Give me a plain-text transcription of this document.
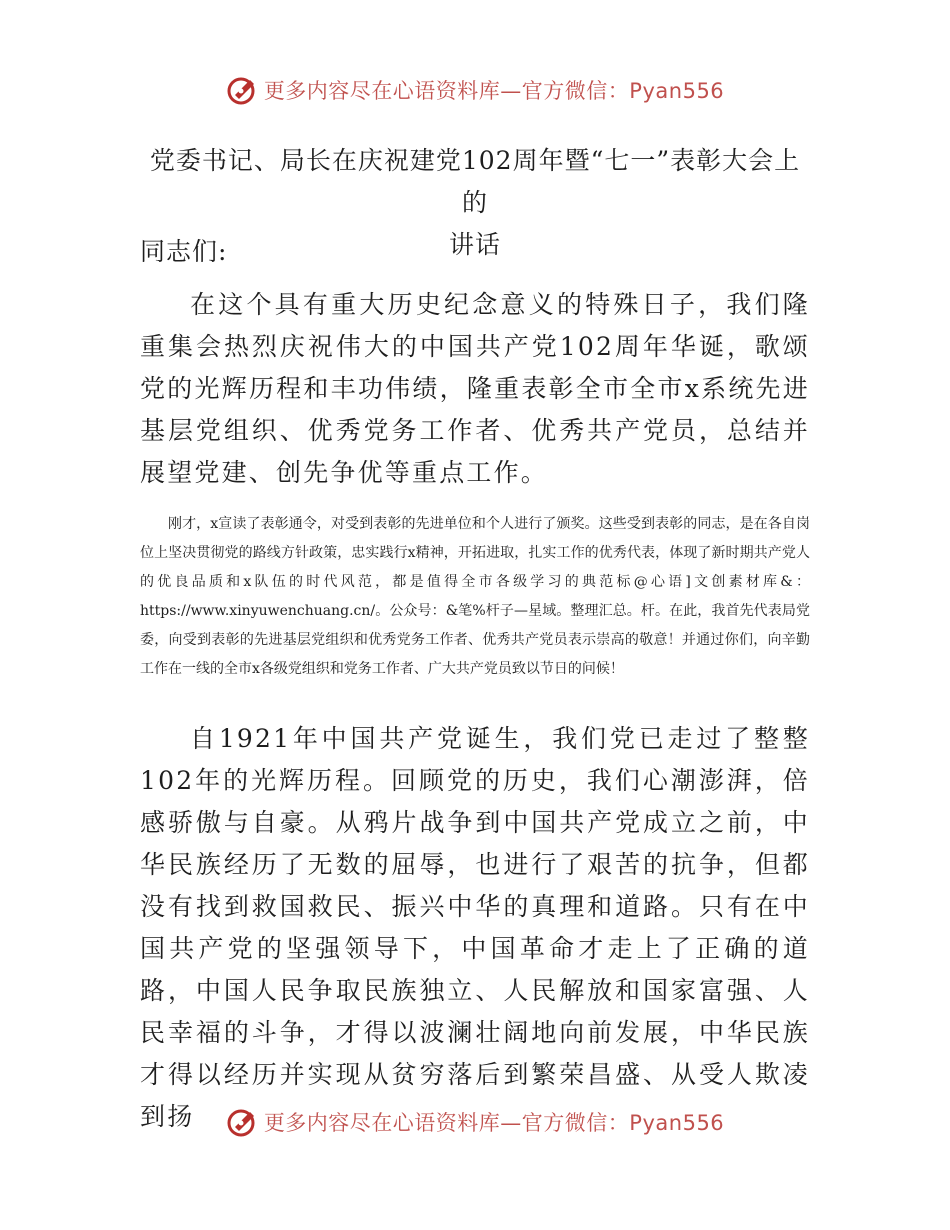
更多内容尽在心语资料库—官方微信：Pyan556
党委书记、局长在庆祝建党102周年暨“七一”表彰大会上的
讲话

同志们:

在这个具有重大历史纪念意义的特殊日子，我们隆重集会热烈庆祝伟大的中国共产党102周年华诞，歌颂党的光辉历程和丰功伟绩，隆重表彰全市全市x系统先进基层党组织、优秀党务工作者、优秀共产党员，总结并展望党建、创先争优等重点工作。

刚才，x宣读了表彰通令，对受到表彰的先进单位和个人进行了颁奖。这些受到表彰的同志，是在各自岗位上坚决贯彻党的路线方针政策，忠实践行x精神，开拓进取，扎实工作的优秀代表，体现了新时期共产党人的优良品质和x队伍的时代风范，都是值得全市各级学习的典范标@心语]文创素材库&：https://www.xinyuwenchuang.cn/。公众号：&笔%杆子—星域。整理汇总。杆。在此，我首先代表局党委，向受到表彰的先进基层党组织和优秀党务工作者、优秀共产党员表示崇高的敬意！并通过你们，向辛勤工作在一线的全市x各级党组织和党务工作者、广大共产党员致以节日的问候！

自1921年中国共产党诞生，我们党已走过了整整102年的光辉历程。回顾党的历史，我们心潮澎湃，倍感骄傲与自豪。从鸦片战争到中国共产党成立之前，中华民族经历了无数的屈辱，也进行了艰苦的抗争，但都没有找到救国救民、振兴中华的真理和道路。只有在中国共产党的坚强领导下，中国革命才走上了正确的道路，中国人民争取民族独立、人民解放和国家富强、人民幸福的斗争，才得以波澜壮阔地向前发展，中华民族才得以经历并实现从贫穷落后到繁荣昌盛、从受人欺凌到扬	更多内容尽在心语资料库—官方微信：Pyan556
